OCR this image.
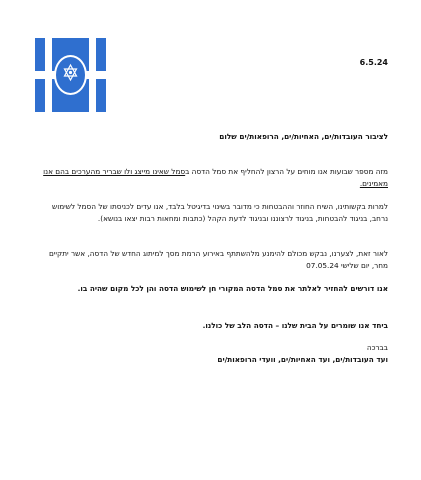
6.5.24
לציבור העובדות/ים, האחיות/ים, הרופאות/ים שלום
מזה מספר שבועות אנו מוחים על הרצון להחליף את סמל הדסה בסמל שאינו מייצג ולו שבריר מהערכים בהם אנו מאמינים.
למרות בקשותינו, השיח החוזר וההבטחות כי מדובר בשינוי בדיגיטל בלבד, אנו עדים לכניסתו של הסמל לשימוש נרחב, בניגוד להבטחות, בניגוד לרצוננו ובניגוד לדעת הקהל (כתבות ומחאות רבות יצאו בנושא).
לאור זאת, לצערנו, נבקש מכולם להימנע מלהשתתף באירוע הרמת מסך למיתוג החדש של הדסה, אשר יתקיים מחר, יום שלישי 07.05.24
אנו דורשים להחזיר לאלתר את סמל הדסה המקורי חן לשימוש הדסה והן לכל מקום שהיה בו.
ביחד אנו שומרים על הבית שלנו – הדסה הלב של כולנו.
בברכה
ועד העובדות/ים, ועד האחיות/ים, וועדי הרופאות/ים
